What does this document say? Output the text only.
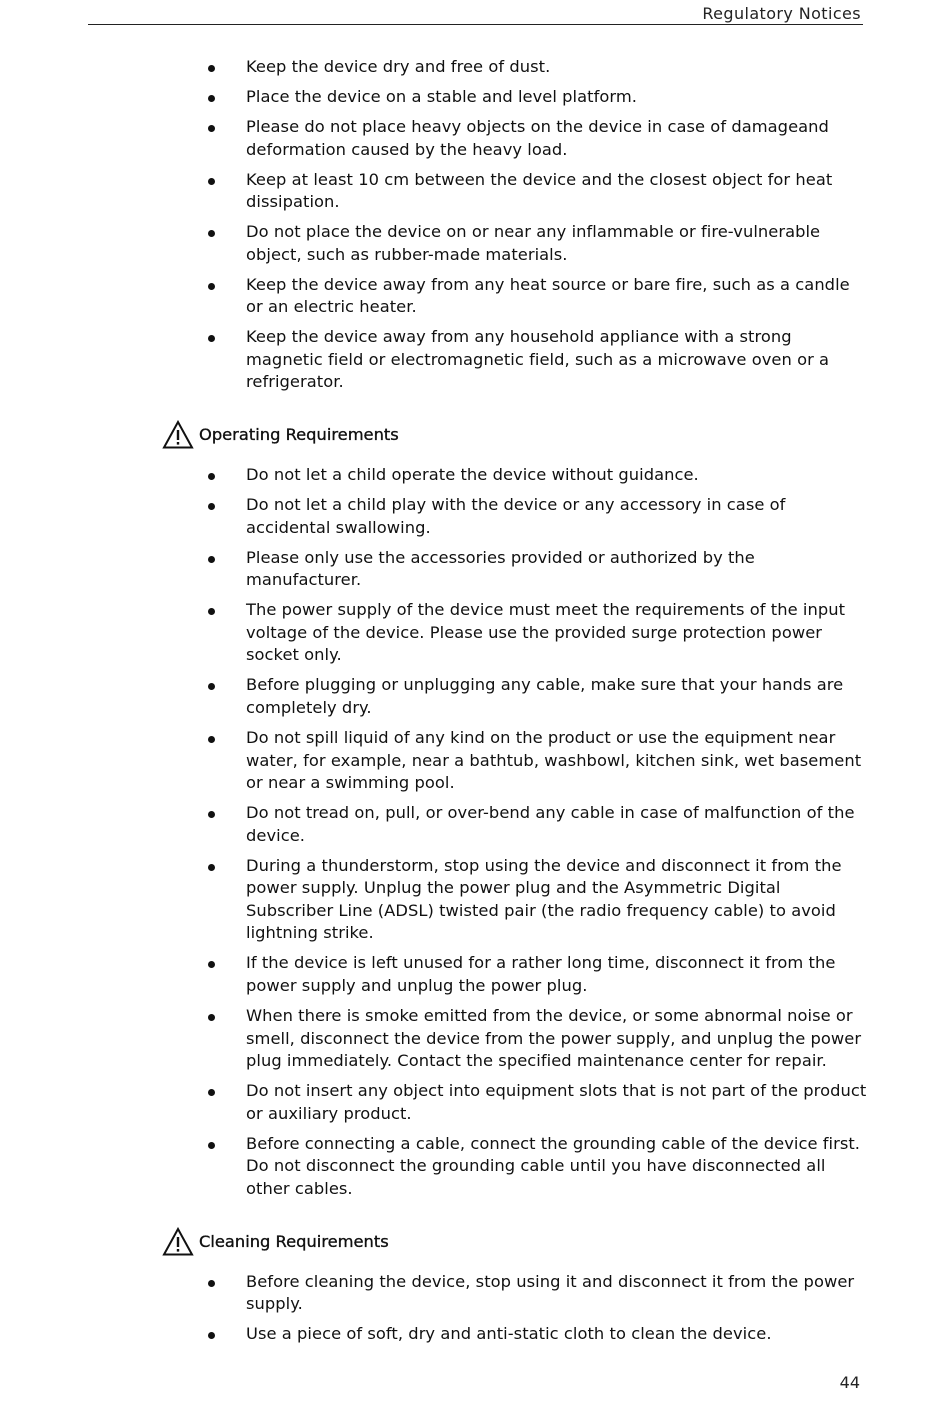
Regulatory Notices
Keep the device dry and free of dust.
Place the device on a stable and level platform.
Please do not place heavy objects on the device in case of damageand deformation caused by the heavy load.
Keep at least 10 cm between the device and the closest object for heat dissipation.
Do not place the device on or near any inflammable or fire-vulnerable object, such as rubber-made materials.
Keep the device away from any heat source or bare fire, such as a candle or an electric heater.
Keep the device away from any household appliance with a strong magnetic field or electromagnetic field, such as a microwave oven or a refrigerator.
Operating Requirements
Do not let a child operate the device without guidance.
Do not let a child play with the device or any accessory in case of accidental swallowing.
Please only use the accessories provided or authorized by the manufacturer.
The power supply of the device must meet the requirements of the input voltage of the device. Please use the provided surge protection power socket only.
Before plugging or unplugging any cable, make sure that your hands are completely dry.
Do not spill liquid of any kind on the product or use the equipment near water, for example, near a bathtub, washbowl, kitchen sink, wet basement or near a swimming pool.
Do not tread on, pull, or over-bend any cable in case of malfunction of the device.
During a thunderstorm, stop using the device and disconnect it from the power supply. Unplug the power plug and the Asymmetric Digital Subscriber Line (ADSL) twisted pair (the radio frequency cable) to avoid lightning strike.
If the device is left unused for a rather long time, disconnect it from the power supply and unplug the power plug.
When there is smoke emitted from the device, or some abnormal noise or smell, disconnect the device from the power supply, and unplug the power plug immediately. Contact the specified maintenance center for repair.
Do not insert any object into equipment slots that is not part of the product or auxiliary product.
Before connecting a cable, connect the grounding cable of the device first. Do not disconnect the grounding cable until you have disconnected all other cables.
Cleaning Requirements
Before cleaning the device, stop using it and disconnect it from the power supply.
Use a piece of soft, dry and anti-static cloth to clean the device.
44
